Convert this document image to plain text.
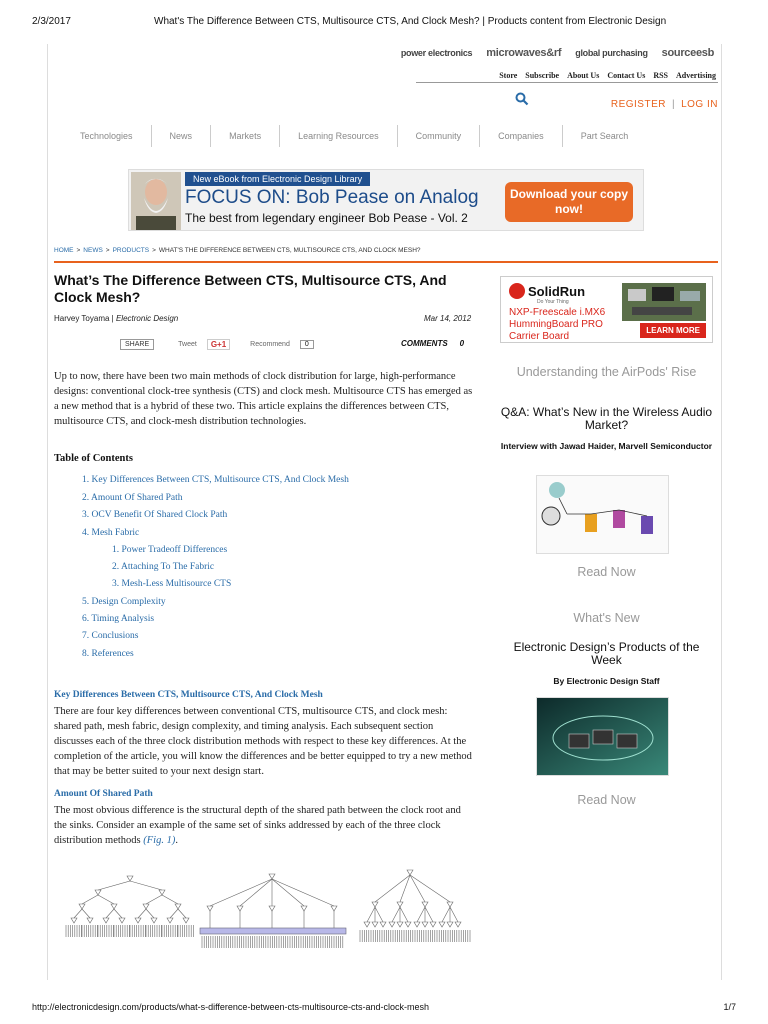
2/3/2017	What's The Difference Between CTS, Multisource CTS, And Clock Mesh? | Products content from Electronic Design
power electronics microwaves&rf global purchasing sourceesb
Store Subscribe About Us Contact Us RSS Advertising
REGISTER | LOG IN
Technologies	News	Markets	Learning Resources	Community	Companies	Part Search
New eBook from Electronic Design Library
FOCUS ON: Bob Pease on Analog
The best from legendary engineer Bob Pease - Vol. 2
Download your copy now!
HOME > NEWS > PRODUCTS > WHAT'S THE DIFFERENCE BETWEEN CTS, MULTISOURCE CTS, AND CLOCK MESH?
What’s The Difference Between CTS, Multisource CTS, And Clock Mesh?
Harvey Toyama | Electronic Design	Mar 14, 2012
SHARE	Tweet	G+1	Recommend	0	COMMENTS 0

Up to now, there have been two main methods of clock distribution for large, high-performance designs: conventional clock-tree synthesis (CTS) and clock mesh. Multisource CTS has emerged as a new method that is a hybrid of these two. This article explains the differences between CTS, multisource CTS, and clock-mesh distribution technologies.

Table of Contents
1. Key Differences Between CTS, Multisource CTS, And Clock Mesh
2. Amount Of Shared Path
3. OCV Benefit Of Shared Clock Path
4. Mesh Fabric
1. Power Tradeoff Differences
2. Attaching To The Fabric
3. Mesh-Less Multisource CTS
5. Design Complexity
6. Timing Analysis
7. Conclusions
8. References
Key Differences Between CTS, Multisource CTS, And Clock Mesh

There are four key differences between conventional CTS, multisource CTS, and clock mesh: shared path, mesh fabric, design complexity, and timing analysis. Each subsequent section discusses each of the three clock distribution methods with respect to these key differences. At the completion of the article, you will know the differences and be better equipped to try a new method that may be better suited to your next design start.

Amount Of Shared Path

The most obvious difference is the structural depth of the shared path between the clock root and the sinks. Consider an example of the same set of sinks addressed by each of the three clock distribution methods (Fig. 1).

SolidRun
Do Your Thing
NXP-Freescale i.MX6
HummingBoard PRO
Carrier Board
LEARN MORE
Understanding the AirPods' Rise
Q&A: What’s New in the Wireless Audio Market?
Interview with Jawad Haider, Marvell Semiconductor
Read Now
What's New
Electronic Design’s Products of the Week
By Electronic Design Staff
Read Now
http://electronicdesign.com/products/what-s-difference-between-cts-multisource-cts-and-clock-mesh	1/7
